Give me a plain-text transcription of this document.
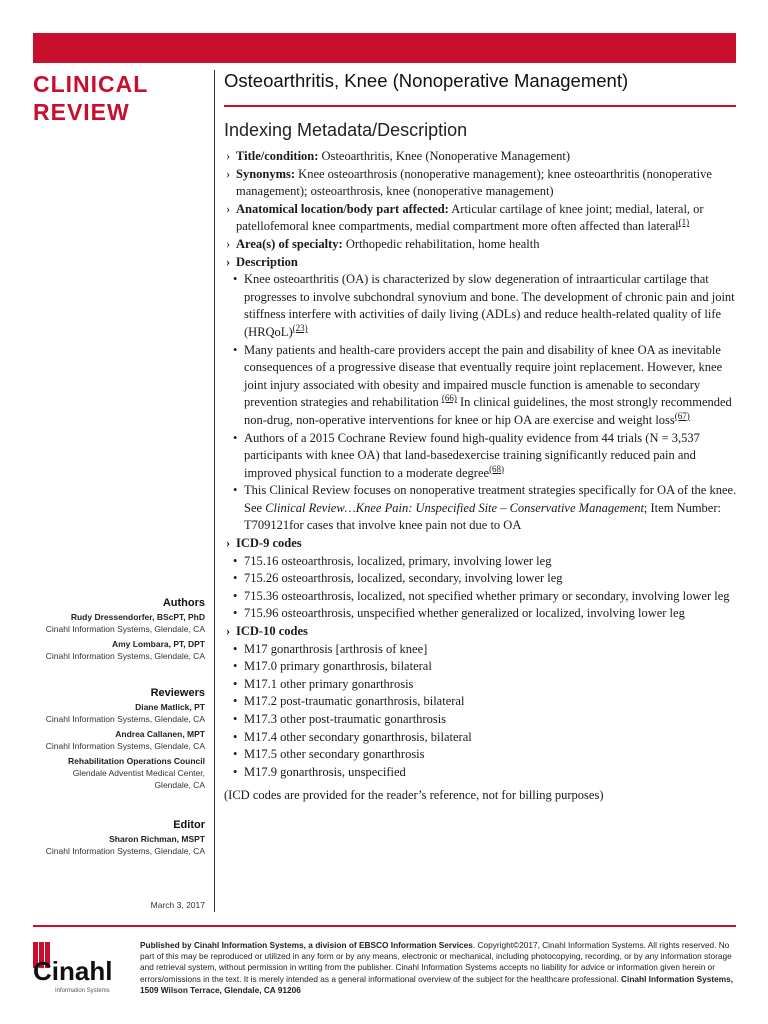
CLINICAL
REVIEW
Osteoarthritis, Knee (Nonoperative Management)
Indexing Metadata/Description
› Title/condition: Osteoarthritis, Knee (Nonoperative Management)
› Synonyms: Knee osteoarthrosis (nonoperative management); knee osteoarthritis (nonoperative management); osteoarthrosis, knee (nonoperative management)
› Anatomical location/body part affected: Articular cartilage of knee joint; medial, lateral, or patellofemoral knee compartments, medial compartment more often affected than lateral$^{(1)}$
› Area(s) of specialty: Orthopedic rehabilitation, home health
› Description
• Knee osteoarthritis (OA) is characterized by slow degeneration of intraarticular cartilage that progresses to involve subchondral synovium and bone. The development of chronic pain and joint stiffness interfere with activities of daily living (ADLs) and reduce health-related quality of life (HRQoL)$^{(23)}$
• Many patients and health-care providers accept the pain and disability of knee OA as inevitable consequences of a progressive disease that eventually require joint replacement. However, knee joint injury associated with obesity and impaired muscle function is amenable to secondary prevention strategies and rehabilitation $^{(66)}$ In clinical guidelines, the most strongly recommended non-drug, non-operative interventions for knee or hip OA are exercise and weight loss$^{(67)}$
• Authors of a 2015 Cochrane Review found high-quality evidence from 44 trials (N = 3,537 participants with knee OA) that land-basedexercise training significantly reduced pain and improved physical function to a moderate degree$^{(68)}$
• This Clinical Review focuses on nonoperative treatment strategies specifically for OA of the knee. See Clinical Review…Knee Pain: Unspecified Site – Conservative Management; Item Number: T709121for cases that involve knee pain not due to OA
› ICD-9 codes
• 715.16 osteoarthrosis, localized, primary, involving lower leg
• 715.26 osteoarthrosis, localized, secondary, involving lower leg
• 715.36 osteoarthrosis, localized, not specified whether primary or secondary, involving lower leg
• 715.96 osteoarthrosis, unspecified whether generalized or localized, involving lower leg
› ICD-10 codes
• M17 gonarthrosis [arthrosis of knee]
• M17.0 primary gonarthrosis, bilateral
• M17.1 other primary gonarthrosis
• M17.2 post-traumatic gonarthrosis, bilateral
• M17.3 other post-traumatic gonarthrosis
• M17.4 other secondary gonarthrosis, bilateral
• M17.5 other secondary gonarthrosis
• M17.9 gonarthrosis, unspecified
(ICD codes are provided for the reader’s reference, not for billing purposes)
Authors
Rudy Dressendorfer, BScPT, PhD
Cinahl Information Systems, Glendale, CA
Amy Lombara, PT, DPT
Cinahl Information Systems, Glendale, CA
Reviewers
Diane Matlick, PT
Cinahl Information Systems, Glendale, CA
Andrea Callanen, MPT
Cinahl Information Systems, Glendale, CA
Rehabilitation Operations Council
Glendale Adventist Medical Center,
Glendale, CA
Editor
Sharon Richman, MSPT
Cinahl Information Systems, Glendale, CA
March 3, 2017
Cinahl
Information Systems
Published by Cinahl Information Systems, a division of EBSCO Information Services. Copyright©2017, Cinahl Information Systems. All rights reserved. No part of this may be reproduced or utilized in any form or by any means, electronic or mechanical, including photocopying, recording, or by any information storage and retrieval system, without permission in writing from the publisher. Cinahl Information Systems accepts no liability for advice or information given herein or errors/omissions in the text. It is merely intended as a general informational overview of the subject for the healthcare professional. Cinahl Information Systems, 1509 Wilson Terrace, Glendale, CA 91206
